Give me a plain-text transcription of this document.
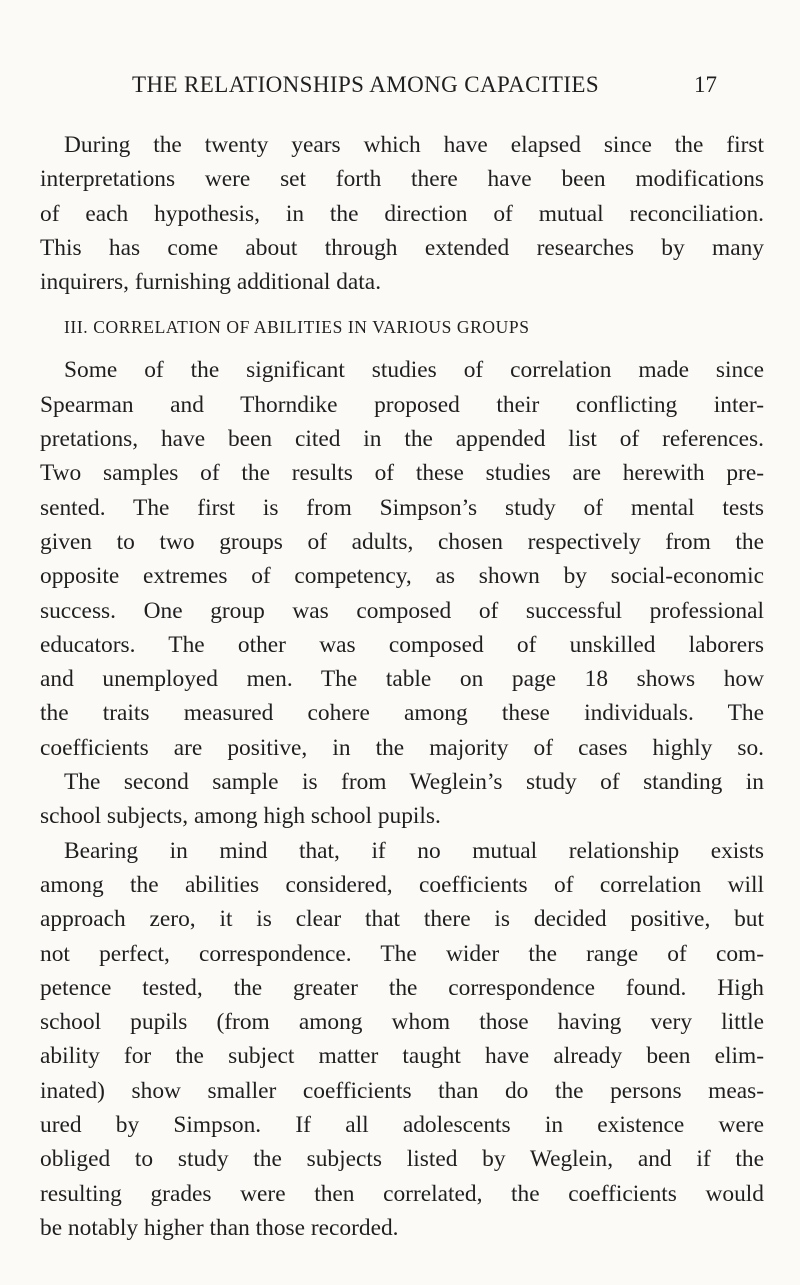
THE RELATIONSHIPS AMONG CAPACITIES	17

During the twenty years which have elapsed since the first
interpretations were set forth there have been modifications
of each hypothesis, in the direction of mutual reconciliation.
This has come about through extended researches by many
inquirers, furnishing additional data.

III. CORRELATION OF ABILITIES IN VARIOUS GROUPS

Some of the significant studies of correlation made since
Spearman and Thorndike proposed their conflicting inter-
pretations, have been cited in the appended list of references.
Two samples of the results of these studies are herewith pre-
sented. The first is from Simpson’s study of mental tests
given to two groups of adults, chosen respectively from the
opposite extremes of competency, as shown by social-economic
success. One group was composed of successful professional
educators. The other was composed of unskilled laborers
and unemployed men. The table on page 18 shows how
the traits measured cohere among these individuals. The
coefficients are positive, in the majority of cases highly so.
The second sample is from Weglein’s study of standing in
school subjects, among high school pupils.

Bearing in mind that, if no mutual relationship exists
among the abilities considered, coefficients of correlation will
approach zero, it is clear that there is decided positive, but
not perfect, correspondence. The wider the range of com-
petence tested, the greater the correspondence found. High
school pupils (from among whom those having very little
ability for the subject matter taught have already been elim-
inated) show smaller coefficients than do the persons meas-
ured by Simpson. If all adolescents in existence were
obliged to study the subjects listed by Weglein, and if the
resulting grades were then correlated, the coefficients would
be notably higher than those recorded.
